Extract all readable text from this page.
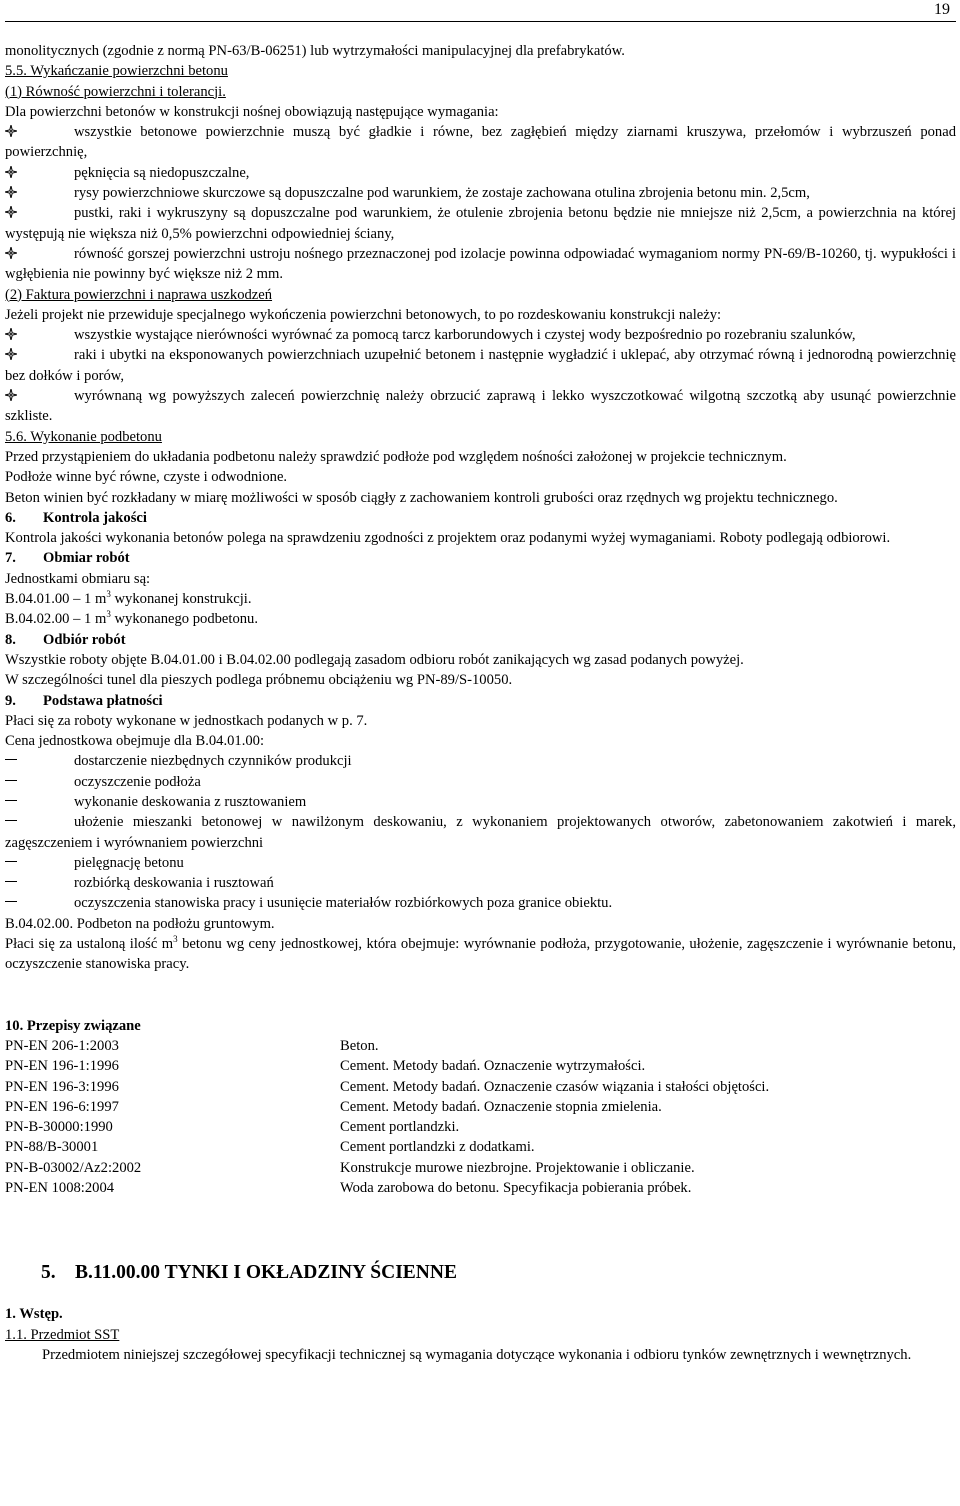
19

monolitycznych (zgodnie z normą PN-63/B-06251) lub wytrzymałości manipulacyjnej dla prefabrykatów.

5.5. Wykańczanie powierzchni betonu

(1) Równość powierzchni i tolerancji.

Dla powierzchni betonów w konstrukcji nośnej obowiązują następujące wymagania:

wszystkie betonowe powierzchnie muszą być gładkie i równe, bez zagłębień między ziarnami kruszywa, przełomów i wybrzuszeń ponad powierzchnię,

pęknięcia są niedopuszczalne,

rysy powierzchniowe skurczowe są dopuszczalne pod warunkiem, że zostaje zachowana otulina zbrojenia betonu min. 2,5cm,

pustki, raki i wykruszyny są dopuszczalne pod warunkiem, że otulenie zbrojenia betonu będzie nie mniejsze niż 2,5cm, a powierzchnia na której występują nie większa niż 0,5% powierzchni odpowiedniej ściany,

równość gorszej powierzchni ustroju nośnego przeznaczonej pod izolacje powinna odpowiadać wymaganiom normy PN-69/B-10260, tj. wypukłości i wgłębienia nie powinny być większe niż 2 mm.

(2) Faktura powierzchni i naprawa uszkodzeń

Jeżeli projekt nie przewiduje specjalnego wykończenia powierzchni betonowych, to po rozdeskowaniu konstrukcji należy:

wszystkie wystające nierówności wyrównać za pomocą tarcz karborundowych i czystej wody bezpośrednio po rozebraniu szalunków,

raki i ubytki na eksponowanych powierzchniach uzupełnić betonem i następnie wygładzić i uklepać, aby otrzymać równą i jednorodną powierzchnię bez dołków i porów,

wyrównaną wg powyższych zaleceń powierzchnię należy obrzucić zaprawą i lekko wyszczotkować wilgotną szczotką aby usunąć powierzchnie szkliste.

5.6. Wykonanie podbetonu

Przed przystąpieniem do układania podbetonu należy sprawdzić podłoże pod względem nośności założonej w projekcie technicznym.

Podłoże winne być równe, czyste i odwodnione.

Beton winien być rozkładany w miarę możliwości w sposób ciągły z zachowaniem kontroli grubości oraz rzędnych wg projektu technicznego.

6. Kontrola jakości

Kontrola jakości wykonania betonów polega na sprawdzeniu zgodności z projektem oraz podanymi wyżej wymaganiami. Roboty podlegają odbiorowi.

7. Obmiar robót

Jednostkami obmiaru są:

B.04.01.00 – 1 $m^3$ wykonanej konstrukcji.

B.04.02.00 – 1 $m^3$ wykonanego podbetonu.

8. Odbiór robót

Wszystkie roboty objęte B.04.01.00 i B.04.02.00 podlegają zasadom odbioru robót zanikających wg zasad podanych powyżej.

W szczególności tunel dla pieszych podlega próbnemu obciążeniu wg PN-89/S-10050.

9. Podstawa płatności

Płaci się za roboty wykonane w jednostkach podanych w p. 7.

Cena jednostkowa obejmuje dla B.04.01.00:

dostarczenie niezbędnych czynników produkcji

oczyszczenie podłoża

wykonanie deskowania z rusztowaniem

ułożenie mieszanki betonowej w nawilżonym deskowaniu, z wykonaniem projektowanych otworów, zabetonowaniem zakotwień i marek, zagęszczeniem i wyrównaniem powierzchni

pielęgnację betonu

rozbiórką deskowania i rusztowań

oczyszczenia stanowiska pracy i usunięcie materiałów rozbiórkowych poza granice obiektu.

B.04.02.00. Podbeton na podłożu gruntowym.

Płaci się za ustaloną ilość $m^3$ betonu wg ceny jednostkowej, która obejmuje: wyrównanie podłoża, przygotowanie, ułożenie, zagęszczenie i wyrównanie betonu, oczyszczenie stanowiska pracy.

10. Przepisy związane

PN-EN 206-1:2003	Beton.
PN-EN 196-1:1996	Cement. Metody badań. Oznaczenie wytrzymałości.
PN-EN 196-3:1996	Cement. Metody badań. Oznaczenie czasów wiązania i stałości objętości.
PN-EN 196-6:1997	Cement. Metody badań. Oznaczenie stopnia zmielenia.
PN-B-30000:1990	Cement portlandzki.
PN-88/B-30001	Cement portlandzki z dodatkami.
PN-B-03002/Az2:2002	Konstrukcje murowe niezbrojne. Projektowanie i obliczanie.
PN-EN 1008:2004	Woda zarobowa do betonu. Specyfikacja pobierania próbek.

5. B.11.00.00 TYNKI I OKŁADZINY ŚCIENNE

1. Wstęp.

1.1. Przedmiot SST

Przedmiotem niniejszej szczegółowej specyfikacji technicznej są wymagania dotyczące wykonania i odbioru tynków zewnętrznych i wewnętrznych.
